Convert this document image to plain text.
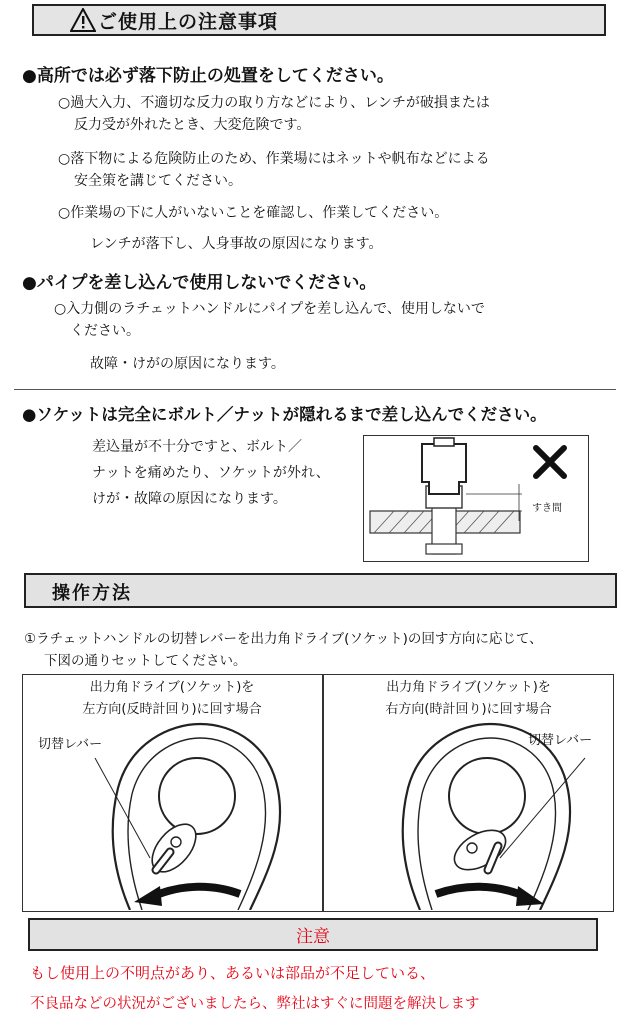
ご使用上の注意事項
●高所では必ず落下防止の処置をしてください。
○過大入力、不適切な反力の取り方などにより、レンチが破損または
反力受が外れたとき、大変危険です。
○落下物による危険防止のため、作業場にはネットや帆布などによる
安全策を講じてください。
○作業場の下に人がいないことを確認し、作業してください。
レンチが落下し、人身事故の原因になります。
●パイプを差し込んで使用しないでください。
○入力側のラチェットハンドルにパイプを差し込んで、使用しないで
ください。
故障・けがの原因になります。
●ソケットは完全にボルト／ナットが隠れるまで差し込んでください。
差込量が不十分ですと、ボルト／
ナットを痛めたり、ソケットが外れ、
けが・故障の原因になります。
すき間
操作方法
①ラチェットハンドルの切替レバーを出力角ドライブ(ソケット)の回す方向に応じて、
下図の通りセットしてください。
出力角ドライブ(ソケット)を
左方向(反時計回り)に回す場合
出力角ドライブ(ソケット)を
右方向(時計回り)に回す場合
切替レバー	切替レバー
注意
もし使用上の不明点があり、あるいは部品が不足している、
不良品などの状況がございましたら、弊社はすぐに問題を解決します
